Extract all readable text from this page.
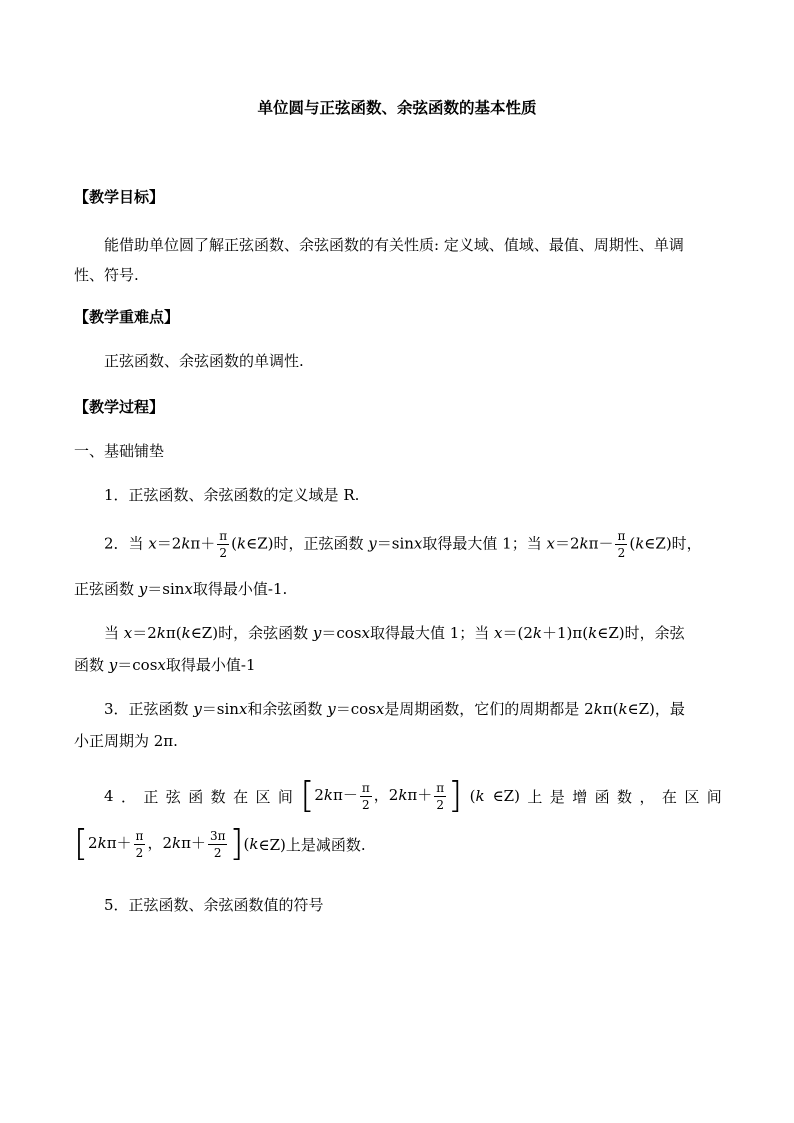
单位圆与正弦函数、余弦函数的基本性质
【教学目标】
能借助单位圆了解正弦函数、余弦函数的有关性质: 定义域、值域、最值、周期性、单调
性、符号.
【教学重难点】
正弦函数、余弦函数的单调性.
【教学过程】
一、基础铺垫
1．正弦函数、余弦函数的定义域是 R.
2．当 $x=2k\pi+ \frac{\pi}{2}$ (k∈Z)时，正弦函数 y＝sinx取得最大值 1；当 $x=2k\pi- \frac{\pi}{2}$ (k∈Z)时，
正弦函数 y＝sinx取得最小值-1.
当 x＝2kπ(k∈Z)时，余弦函数 y＝cosx取得最大值 1；当 x＝(2k＋1)π(k∈Z)时，余弦
函数 y＝cosx取得最小值-1
3．正弦函数 y＝sinx和余弦函数 y＝cosx是周期函数，它们的周期都是 2kπ(k∈Z)，最
小正周期为 2π.
4 ． 正 弦 函 数 在 区 间 [$2k\pi- \frac{\pi}{2}$ ，$2k\pi+ \frac{\pi}{2}$ ] (k ∈Z) 上 是 增 函 数 ， 在 区 间
[$2k\pi+ \frac{\pi}{2}$ ，$2k\pi+ \frac{3\pi}{2}$ ] ( k ∈Z)上是减函数.
5．正弦函数、余弦函数值的符号
